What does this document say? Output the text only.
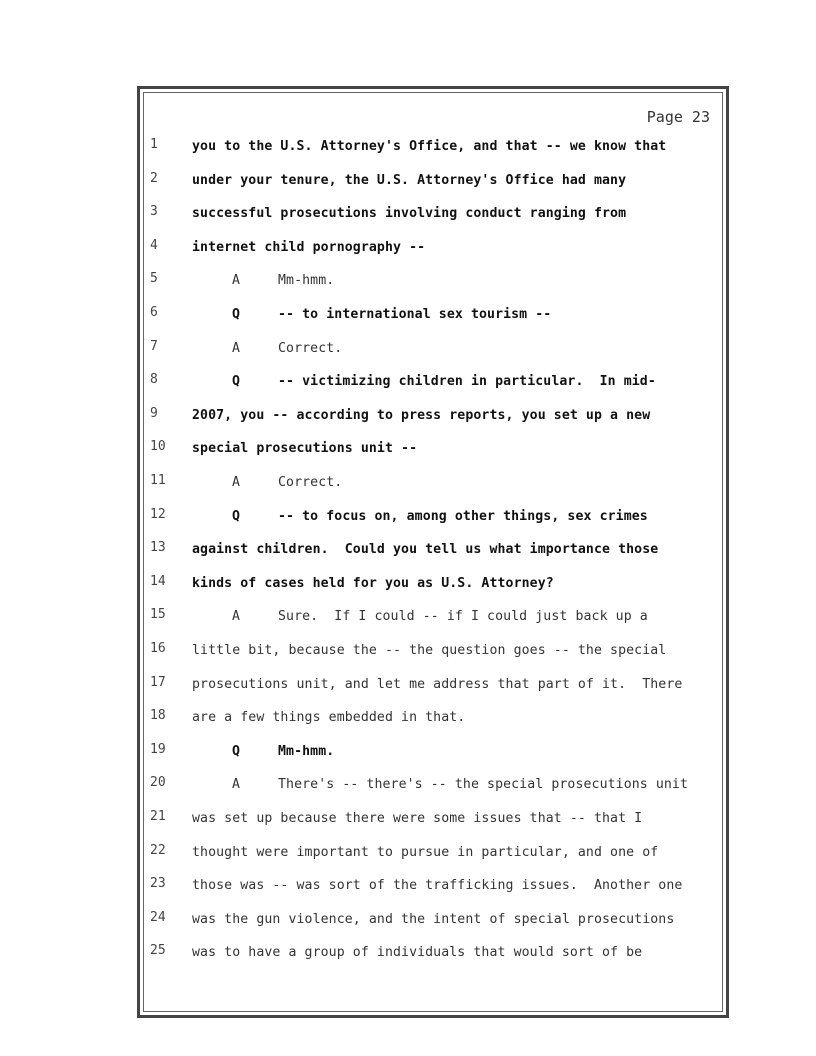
Page 23
1	you to the U.S. Attorney's Office, and that -- we know that
2	under your tenure, the U.S. Attorney's Office had many
3	successful prosecutions involving conduct ranging from
4	internet child pornography --
5	A	Mm-hmm.
6	Q	-- to international sex tourism --
7	A	Correct.
8	Q	-- victimizing children in particular.  In mid-
9	2007, you -- according to press reports, you set up a new
10	special prosecutions unit --
11	A	Correct.
12	Q	-- to focus on, among other things, sex crimes
13	against children.  Could you tell us what importance those
14	kinds of cases held for you as U.S. Attorney?
15	A	Sure.  If I could -- if I could just back up a
16	little bit, because the -- the question goes -- the special
17	prosecutions unit, and let me address that part of it.  There
18	are a few things embedded in that.
19	Q	Mm-hmm.
20	A	There's -- there's -- the special prosecutions unit
21	was set up because there were some issues that -- that I
22	thought were important to pursue in particular, and one of
23	those was -- was sort of the trafficking issues.  Another one
24	was the gun violence, and the intent of special prosecutions
25	was to have a group of individuals that would sort of be
